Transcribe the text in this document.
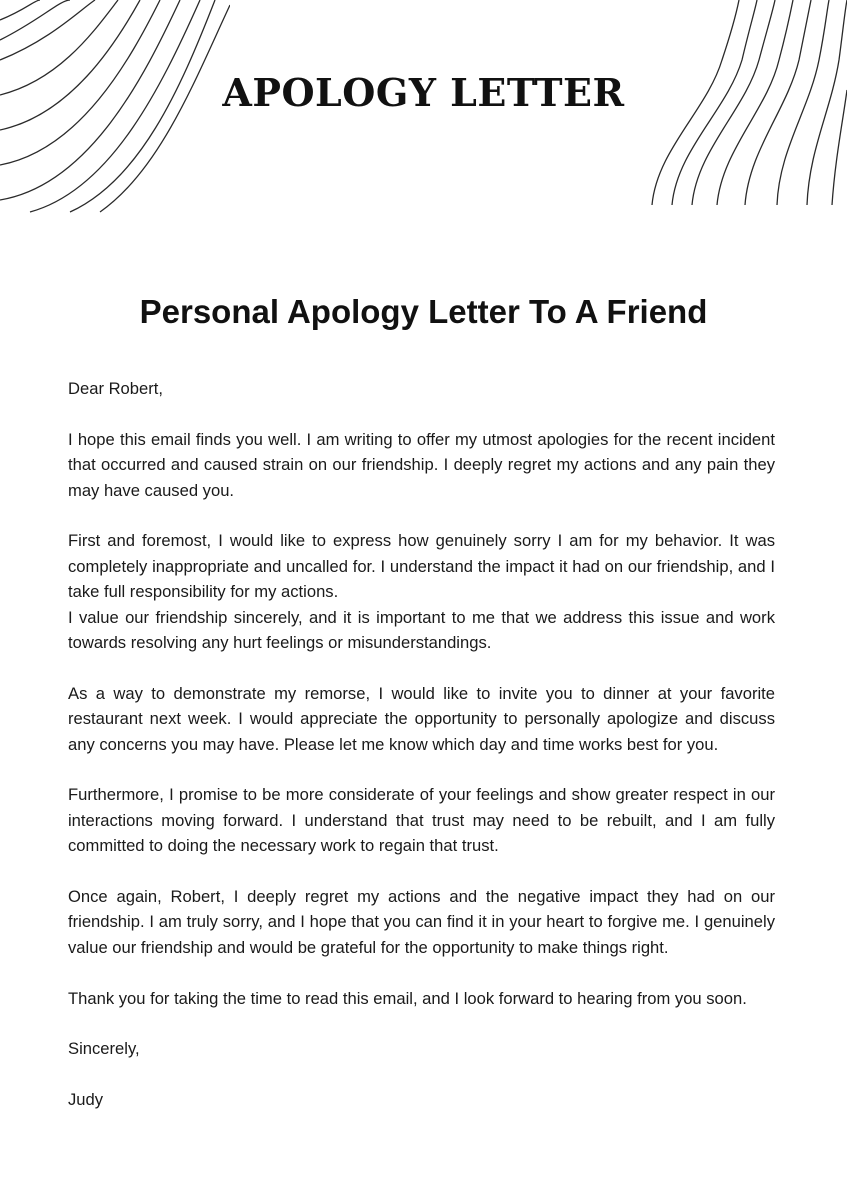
APOLOGY LETTER
Personal Apology Letter To A Friend

Dear Robert,

I hope this email finds you well. I am writing to offer my utmost apologies for the recent incident that occurred and caused strain on our friendship. I deeply regret my actions and any pain they may have caused you.

First and foremost, I would like to express how genuinely sorry I am for my behavior. It was completely inappropriate and uncalled for. I understand the impact it had on our friendship, and I take full responsibility for my actions.

I value our friendship sincerely, and it is important to me that we address this issue and work towards resolving any hurt feelings or misunderstandings.

As a way to demonstrate my remorse, I would like to invite you to dinner at your favorite restaurant next week. I would appreciate the opportunity to personally apologize and discuss any concerns you may have. Please let me know which day and time works best for you.

Furthermore, I promise to be more considerate of your feelings and show greater respect in our interactions moving forward. I understand that trust may need to be rebuilt, and I am fully committed to doing the necessary work to regain that trust.

Once again, Robert, I deeply regret my actions and the negative impact they had on our friendship. I am truly sorry, and I hope that you can find it in your heart to forgive me. I genuinely value our friendship and would be grateful for the opportunity to make things right.

Thank you for taking the time to read this email, and I look forward to hearing from you soon.

Sincerely,

Judy
